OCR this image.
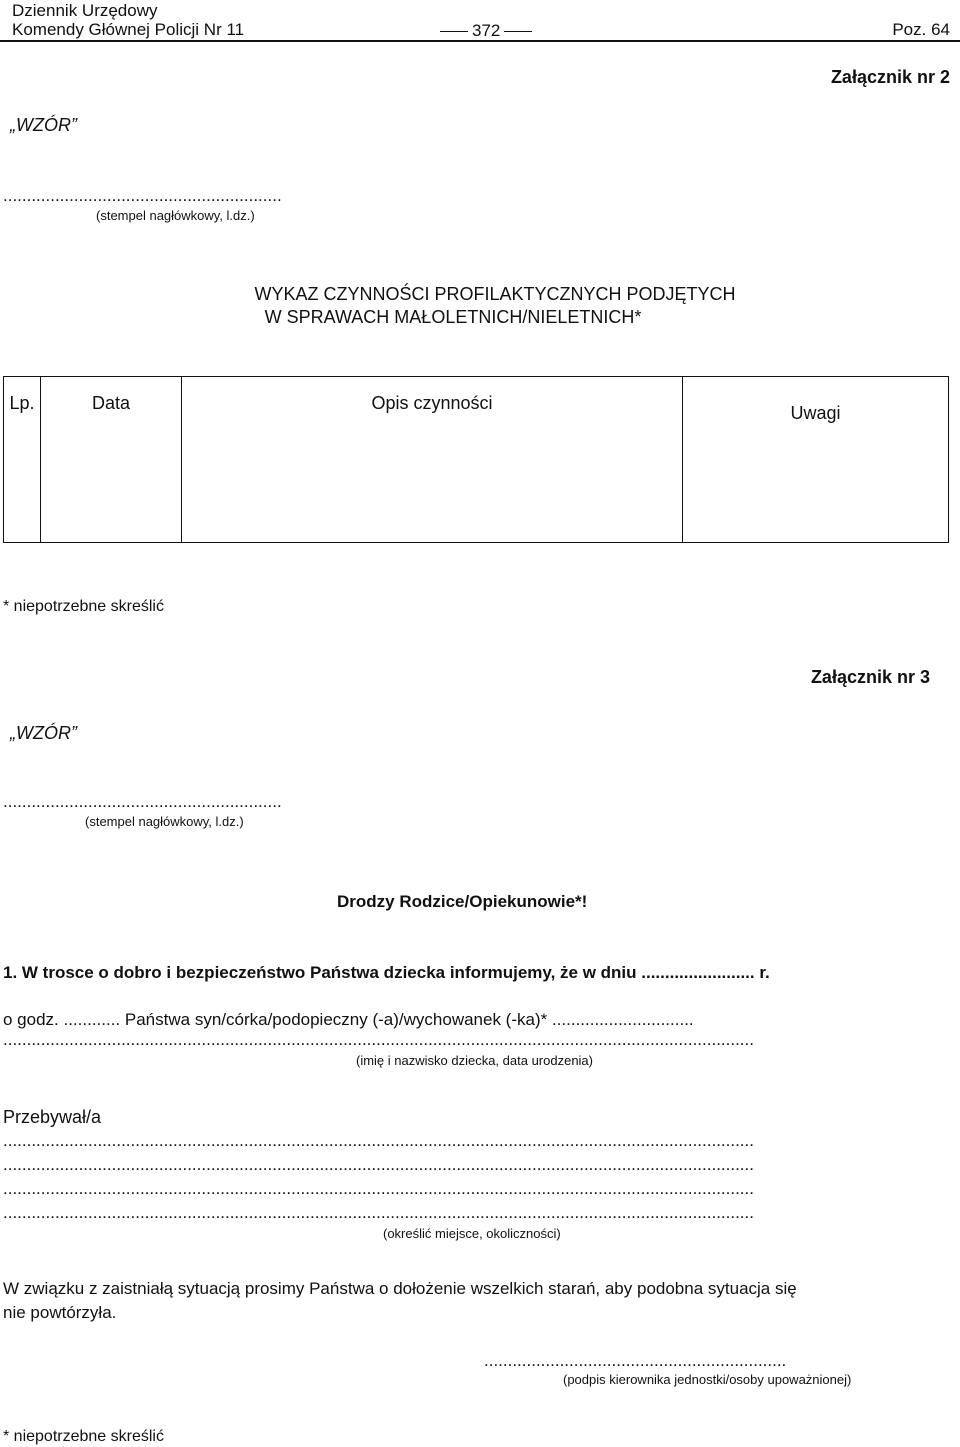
Dziennik Urzędowy
Komendy Głównej Policji Nr 11	372	Poz. 64
Załącznik nr 2
„WZÓR”
...........................................................
(stempel nagłówkowy, l.dz.)
WYKAZ CZYNNOŚCI PROFILAKTYCZNYCH PODJĘTYCH
W SPRAWACH MAŁOLETNICH/NIELETNICH*
Lp.	Data	Opis czynności	Uwagi
* niepotrzebne skreślić
Załącznik nr 3
„WZÓR”
...........................................................
(stempel nagłówkowy, l.dz.)
Drodzy Rodzice/Opiekunowie*!
1. W trosce o dobro i bezpieczeństwo Państwa dziecka informujemy, że w dniu ........................ r.
o godz. ............ Państwa syn/córka/podopieczny (-a)/wychowanek (-ka)* ..............................
...............................................................................................................................................................
(imię i nazwisko dziecka, data urodzenia)
Przebywał/a
...............................................................................................................................................................
...............................................................................................................................................................
...............................................................................................................................................................
...............................................................................................................................................................
(określić miejsce, okoliczności)
W związku z zaistniałą sytuacją prosimy Państwa o dołożenie wszelkich starań, aby podobna sytuacja się
nie powtórzyła.
................................................................
(podpis kierownika jednostki/osoby upoważnionej)
* niepotrzebne skreślić
